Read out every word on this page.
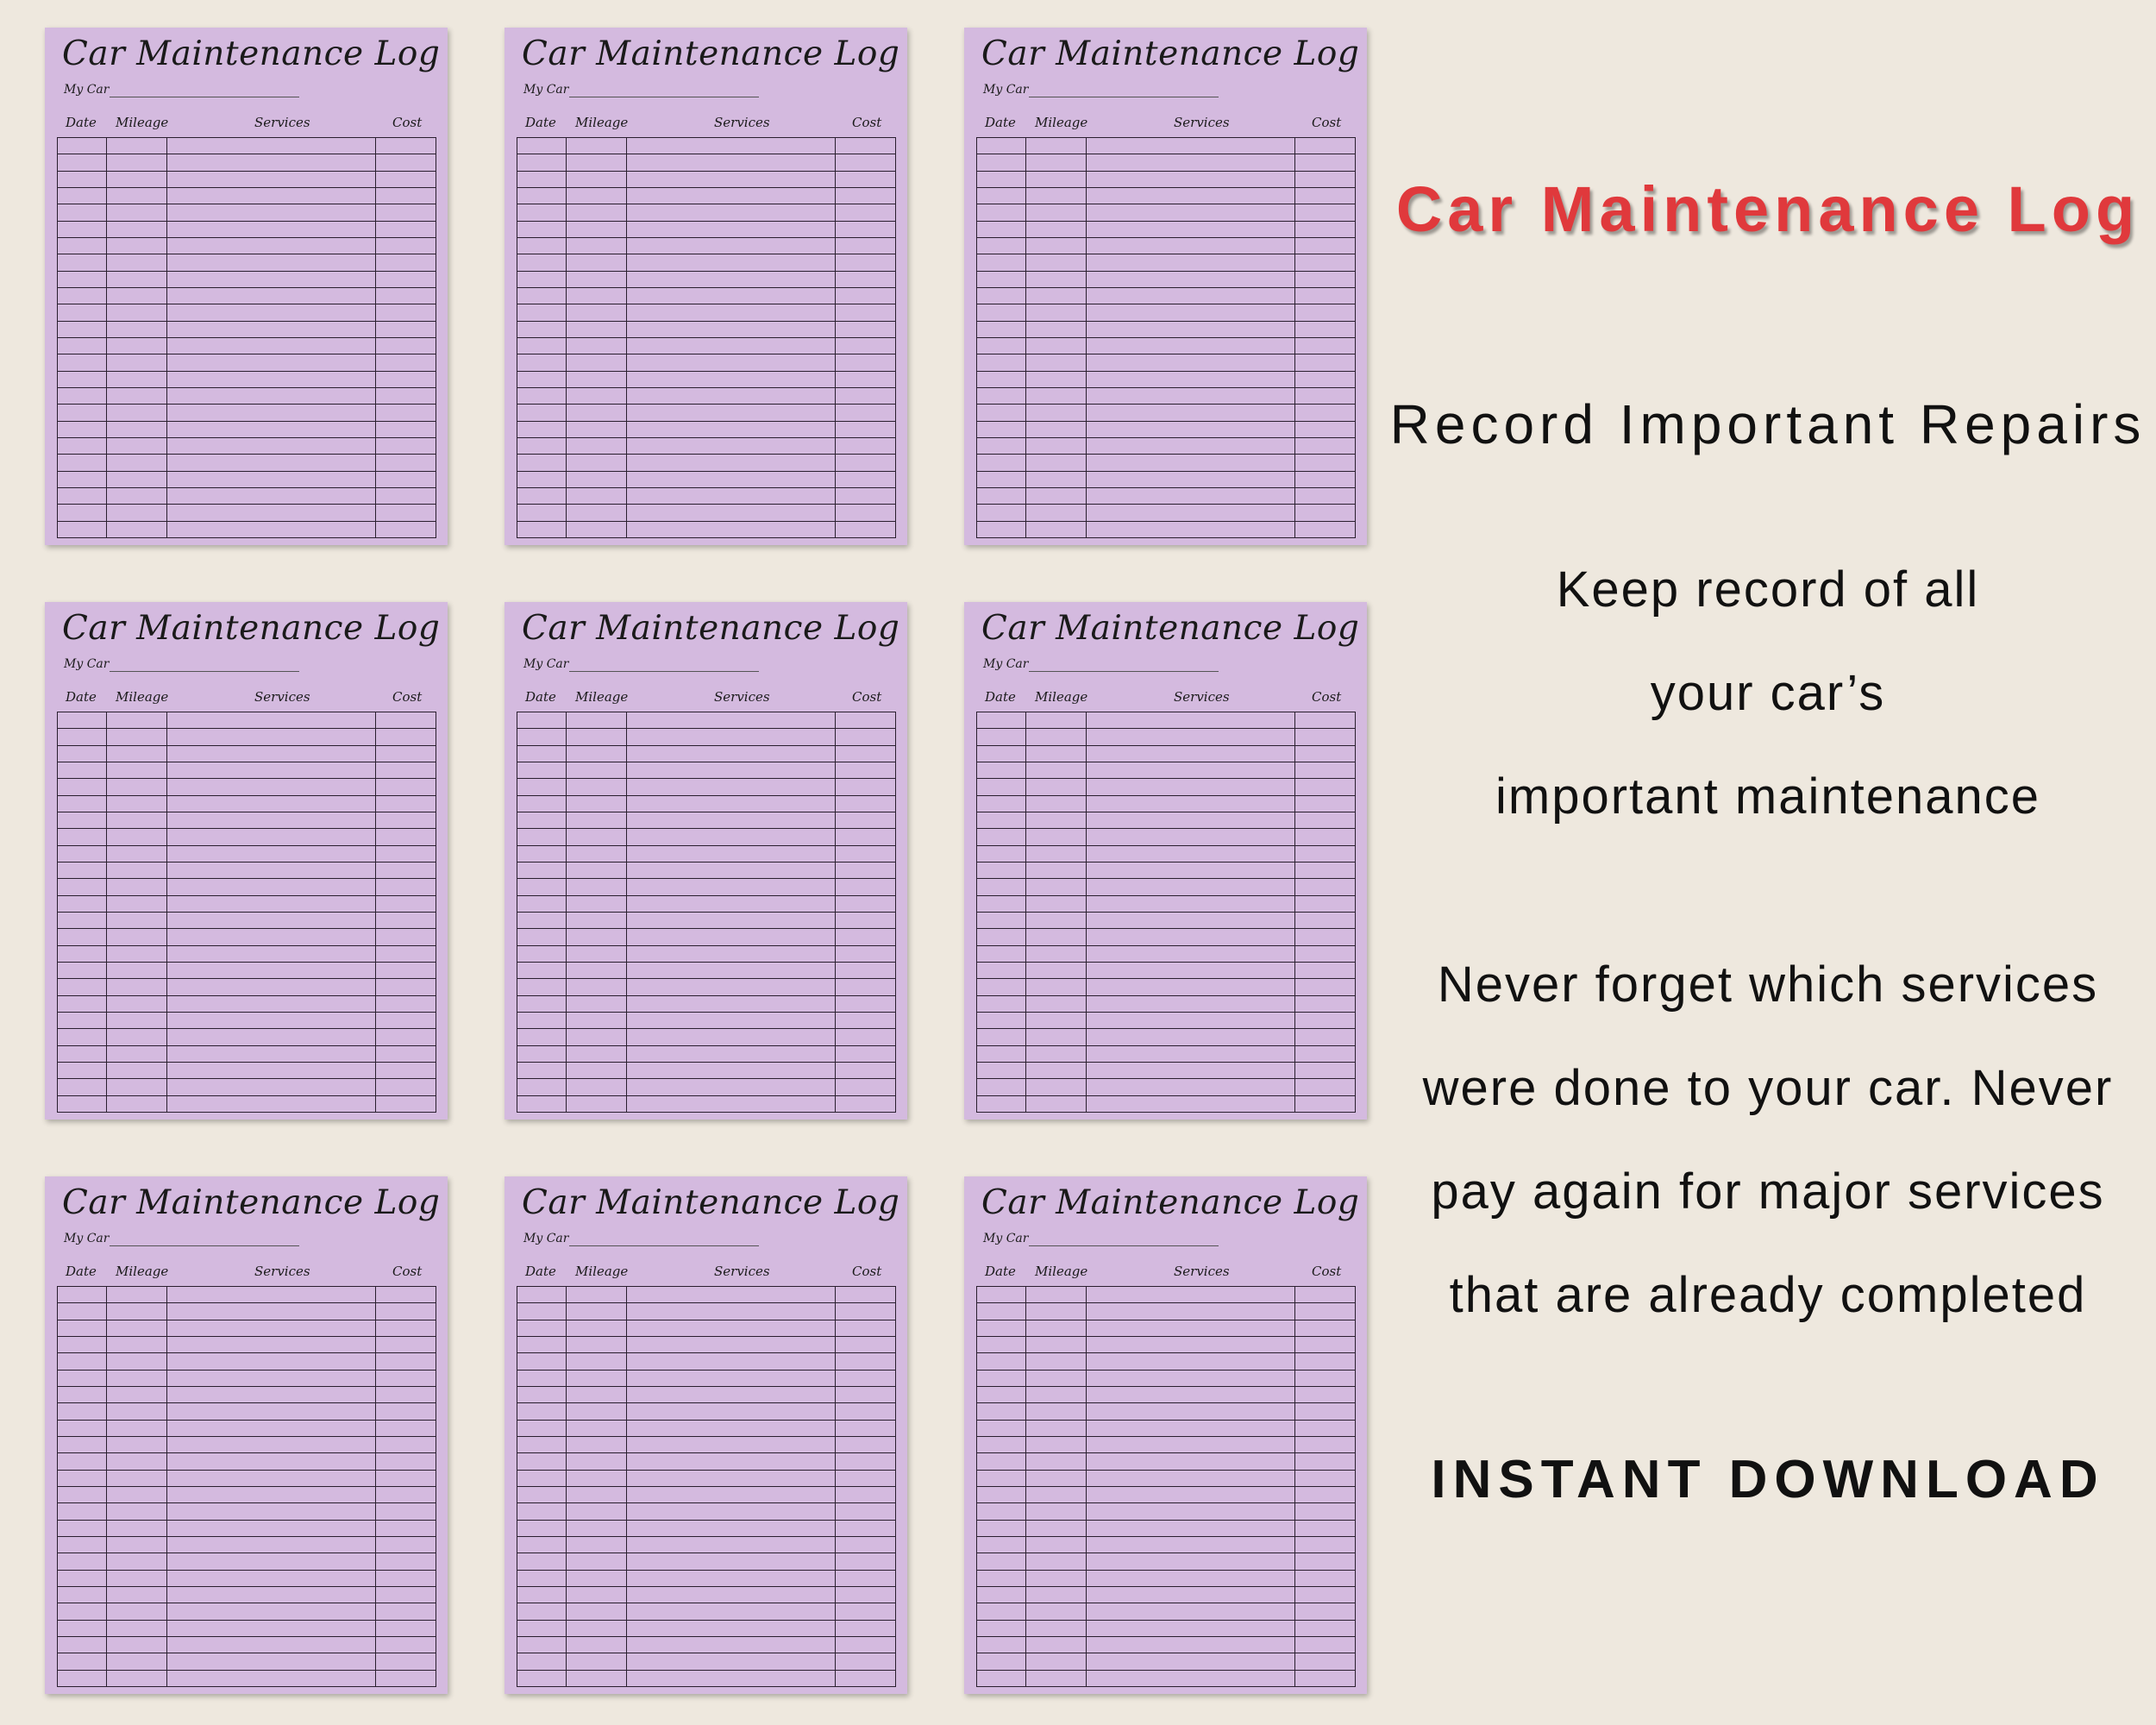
Car Maintenance Log
My Car
Date Mileage	Services	Cost

Car Maintenance Log
My Car
Date Mileage	Services	Cost

Car Maintenance Log
My Car
Date Mileage	Services	Cost

Car Maintenance Log
My Car
Date Mileage	Services	Cost

Car Maintenance Log
My Car
Date Mileage	Services	Cost

Car Maintenance Log
My Car
Date Mileage	Services	Cost

Car Maintenance Log
My Car
Date Mileage	Services	Cost

Car Maintenance Log
My Car
Date Mileage	Services	Cost

Car Maintenance Log
My Car
Date Mileage	Services	Cost

Car Maintenance Log
Record Important Repairs
Keep record of all
your car’s
important maintenance
Never forget which services
were done to your car. Never
pay again for major services
that are already completed
INSTANT DOWNLOAD
